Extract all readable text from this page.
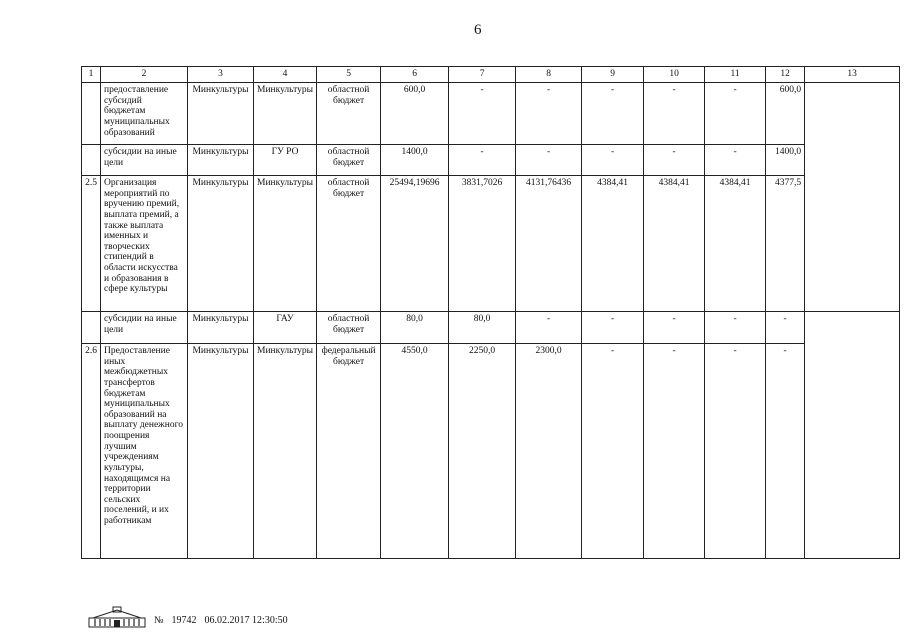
6
1	2	3	4	5	6	7	8	9	10	11	12	13
	предоставление субсидий бюджетам муниципальных образований	Минкультуры	Минкультуры	областной бюджет	600,0	-	-	-	-	-	600,0	
	субсидии на иные цели	Минкультуры	ГУ РО	областной бюджет	1400,0	-	-	-	-	-	1400,0	
2.5	Организация мероприятий по вручению премий, выплата премий, а также выплата именных и творческих стипендий в области искусства и образования в сфере культуры	Минкультуры	Минкультуры	областной бюджет	25494,19696	3831,7026	4131,76436	4384,41	4384,41	4384,41	4377,5	
	субсидии на иные цели	Минкультуры	ГАУ	областной бюджет	80,0	80,0	-	-	-	-	-	
2.6	Предоставление иных межбюджетных трансфертов бюджетам муниципальных образований на выплату денежного поощрения лучшим учреждениям культуры, находящимся на территории сельских поселений, и их работникам	Минкультуры	Минкультуры	федеральный бюджет	4550,0	2250,0	2300,0	-	-	-	-	
№ 19742 06.02.2017 12:30:50
